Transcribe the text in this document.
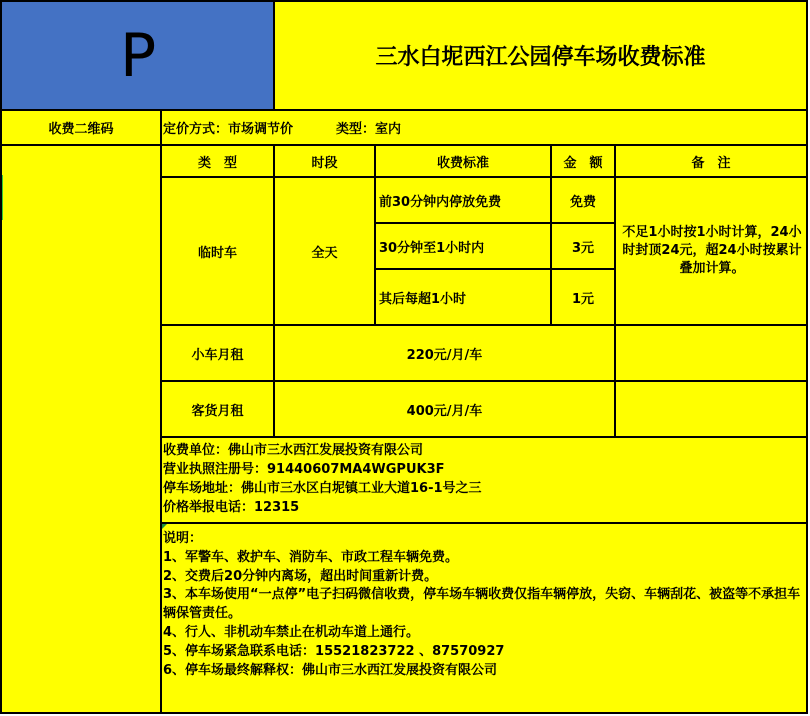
P	三水白坭西江公园停车场收费标准
收费二维码	定价方式：市场调节价	类型：室内
类　型	时段	收费标准	金　额	备　注
临时车	全天
前30分钟内停放免费	免费
30分钟至1小时内	3元
其后每超1小时	1元
不足1小时按1小时计算，24小时封顶24元，超24小时按累计叠加计算。
小车月租	220元/月/车
客货月租	400元/月/车
收费单位：佛山市三水西江发展投资有限公司
营业执照注册号：91440607MA4WGPUK3F
停车场地址：佛山市三水区白坭镇工业大道16-1号之三
价格举报电话：12315
说明：
1、军警车、救护车、消防车、市政工程车辆免费。
2、交费后20分钟内离场，超出时间重新计费。
3、本车场使用“一点停”电子扫码微信收费，停车场车辆收费仅指车辆停放，失窃、车辆刮花、被盗等不承担车辆保管责任。
4、行人、非机动车禁止在机动车道上通行。
5、停车场紧急联系电话：15521823722 、87570927
6、停车场最终解释权：佛山市三水西江发展投资有限公司
